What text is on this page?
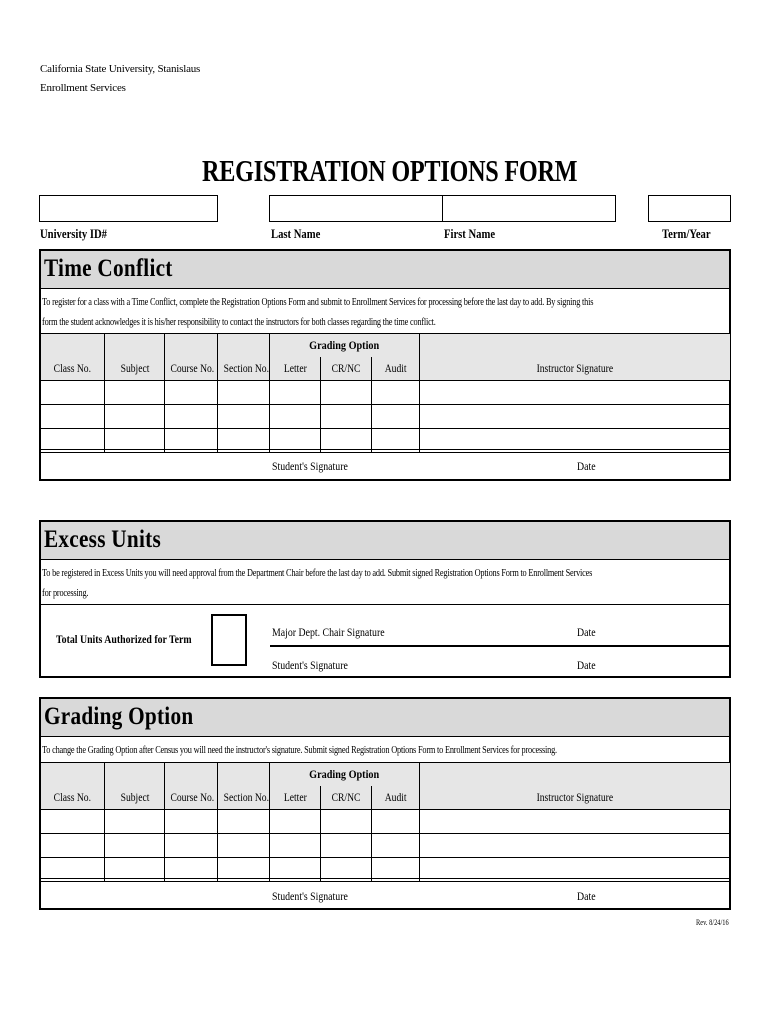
California State University, Stanislaus
Enrollment Services
REGISTRATION OPTIONS FORM
University ID#	Last Name	First Name	Term/Year
Time Conflict
To register for a class with a Time Conflict, complete the Registration Options Form and submit to Enrollment Services for processing before the last day to add. By signing this
form the student acknowledges it is his/her responsibility to contact the instructors for both classes regarding the time conflict.
				Grading Option			
Class No.	Subject	Course No.	Section No.	Letter	CR/NC	Audit	Instructor Signature

Student's Signature	Date
Excess Units
To be registered in Excess Units you will need approval from the Department Chair before the last day to add. Submit signed Registration Options Form to Enrollment Services
for processing.
Total Units Authorized for Term	Major Dept. Chair Signature	Date
Student's Signature	Date
Grading Option
To change the Grading Option after Census you will need the instructor's signature. Submit signed Registration Options Form to Enrollment Services for processing.
				Grading Option			
Class No.	Subject	Course No.	Section No.	Letter	CR/NC	Audit	Instructor Signature

Student's Signature	Date
Rev. 8/24/16
